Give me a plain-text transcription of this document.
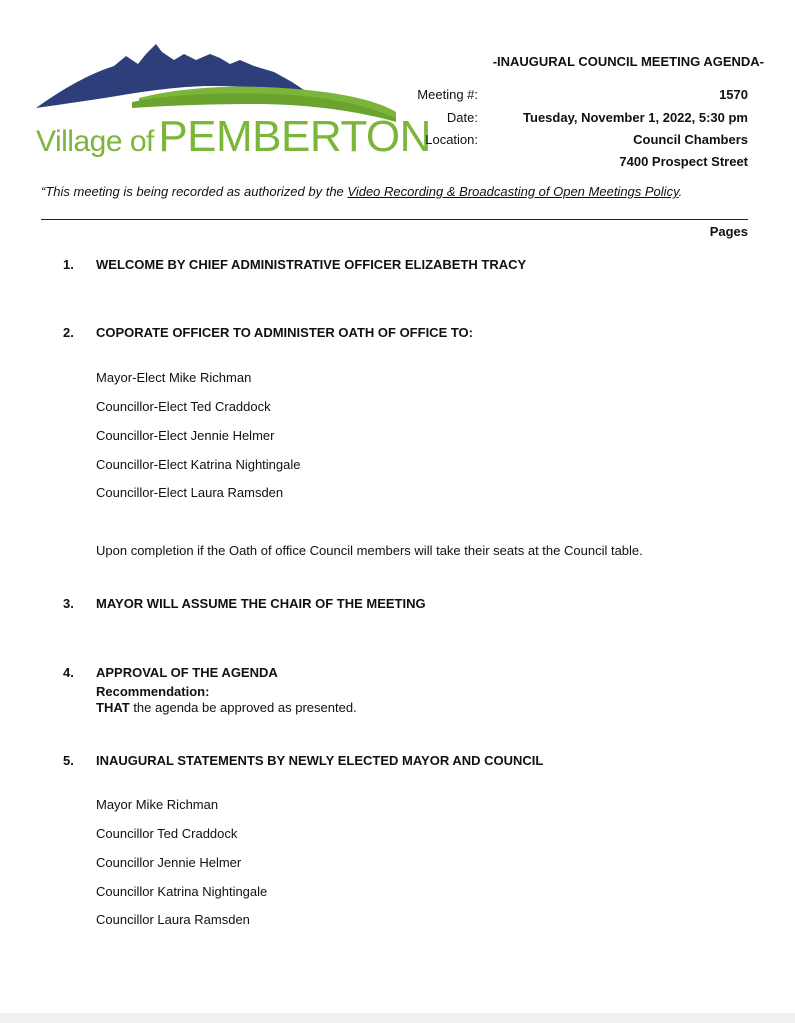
Village of PEMBERTON
-INAUGURAL COUNCIL MEETING AGENDA-
Meeting #:	1570
Date:	Tuesday, November 1, 2022, 5:30 pm
Location:	Council Chambers
7400 Prospect Street
“This meeting is being recorded as authorized by the Video Recording & Broadcasting of Open Meetings Policy.
Pages
1. WELCOME BY CHIEF ADMINISTRATIVE OFFICER ELIZABETH TRACY
2. COPORATE OFFICER TO ADMINISTER OATH OF OFFICE TO:
Mayor-Elect Mike Richman
Councillor-Elect Ted Craddock
Councillor-Elect Jennie Helmer
Councillor-Elect Katrina Nightingale
Councillor-Elect Laura Ramsden
Upon completion if the Oath of office Council members will take their seats at the Council table.
3. MAYOR WILL ASSUME THE CHAIR OF THE MEETING
4. APPROVAL OF THE AGENDA
Recommendation:
THAT the agenda be approved as presented.
5. INAUGURAL STATEMENTS BY NEWLY ELECTED MAYOR AND COUNCIL
Mayor Mike Richman
Councillor Ted Craddock
Councillor Jennie Helmer
Councillor Katrina Nightingale
Councillor Laura Ramsden
